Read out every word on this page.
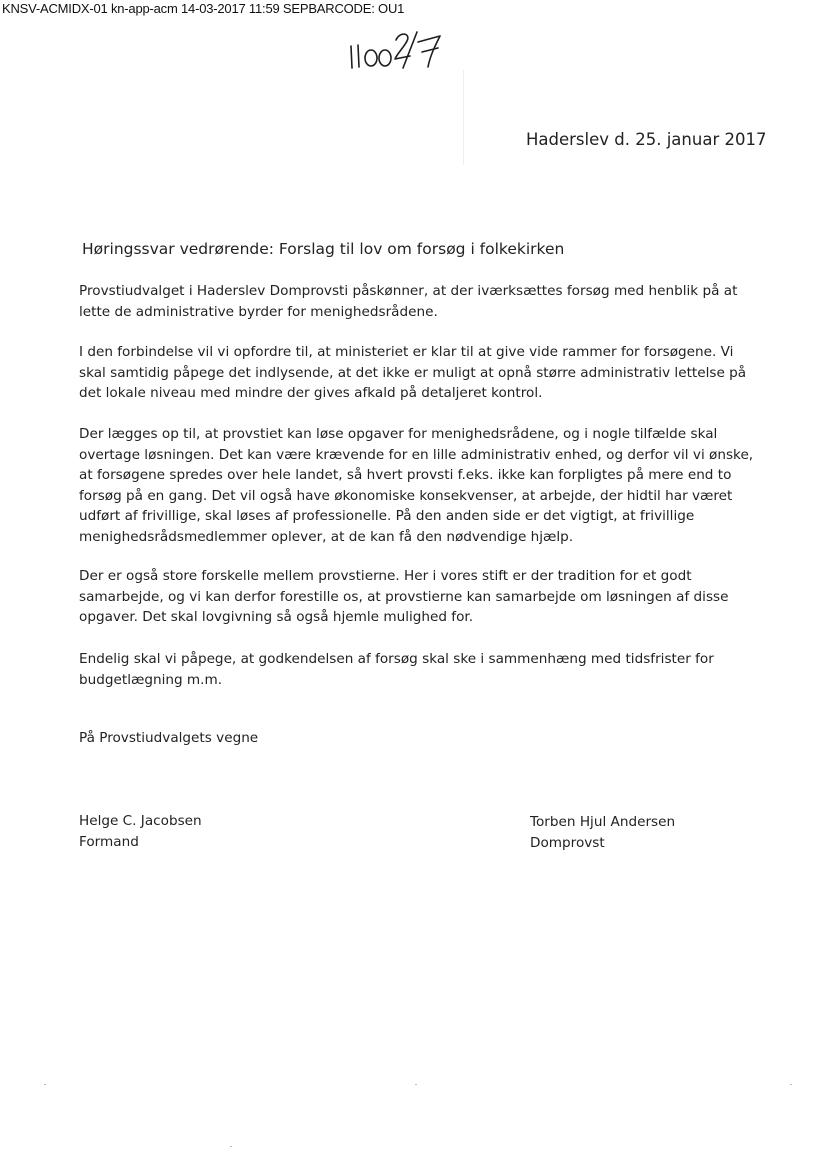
KNSV-ACMIDX-01 kn-app-acm 14-03-2017 11:59 SEPBARCODE: OU1
Haderslev d. 25. januar 2017
Høringssvar vedrørende: Forslag til lov om forsøg i folkekirken

Provstiudvalget i Haderslev Domprovsti påskønner, at der iværksættes forsøg med henblik på at
lette de administrative byrder for menighedsrådene.

I den forbindelse vil vi opfordre til, at ministeriet er klar til at give vide rammer for forsøgene. Vi
skal samtidig påpege det indlysende, at det ikke er muligt at opnå større administrativ lettelse på
det lokale niveau med mindre der gives afkald på detaljeret kontrol.

Der lægges op til, at provstiet kan løse opgaver for menighedsrådene, og i nogle tilfælde skal
overtage løsningen. Det kan være krævende for en lille administrativ enhed, og derfor vil vi ønske,
at forsøgene spredes over hele landet, så hvert provsti f.eks. ikke kan forpligtes på mere end to
forsøg på en gang. Det vil også have økonomiske konsekvenser, at arbejde, der hidtil har været
udført af frivillige, skal løses af professionelle. På den anden side er det vigtigt, at frivillige
menighedsrådsmedlemmer oplever, at de kan få den nødvendige hjælp.

Der er også store forskelle mellem provstierne. Her i vores stift er der tradition for et godt
samarbejde, og vi kan derfor forestille os, at provstierne kan samarbejde om løsningen af disse
opgaver. Det skal lovgivning så også hjemle mulighed for.

Endelig skal vi påpege, at godkendelsen af forsøg skal ske i sammenhæng med tidsfrister for
budgetlægning m.m.

På Provstiudvalgets vegne
Helge C. Jacobsen
Formand
Torben Hjul Andersen
Domprovst
